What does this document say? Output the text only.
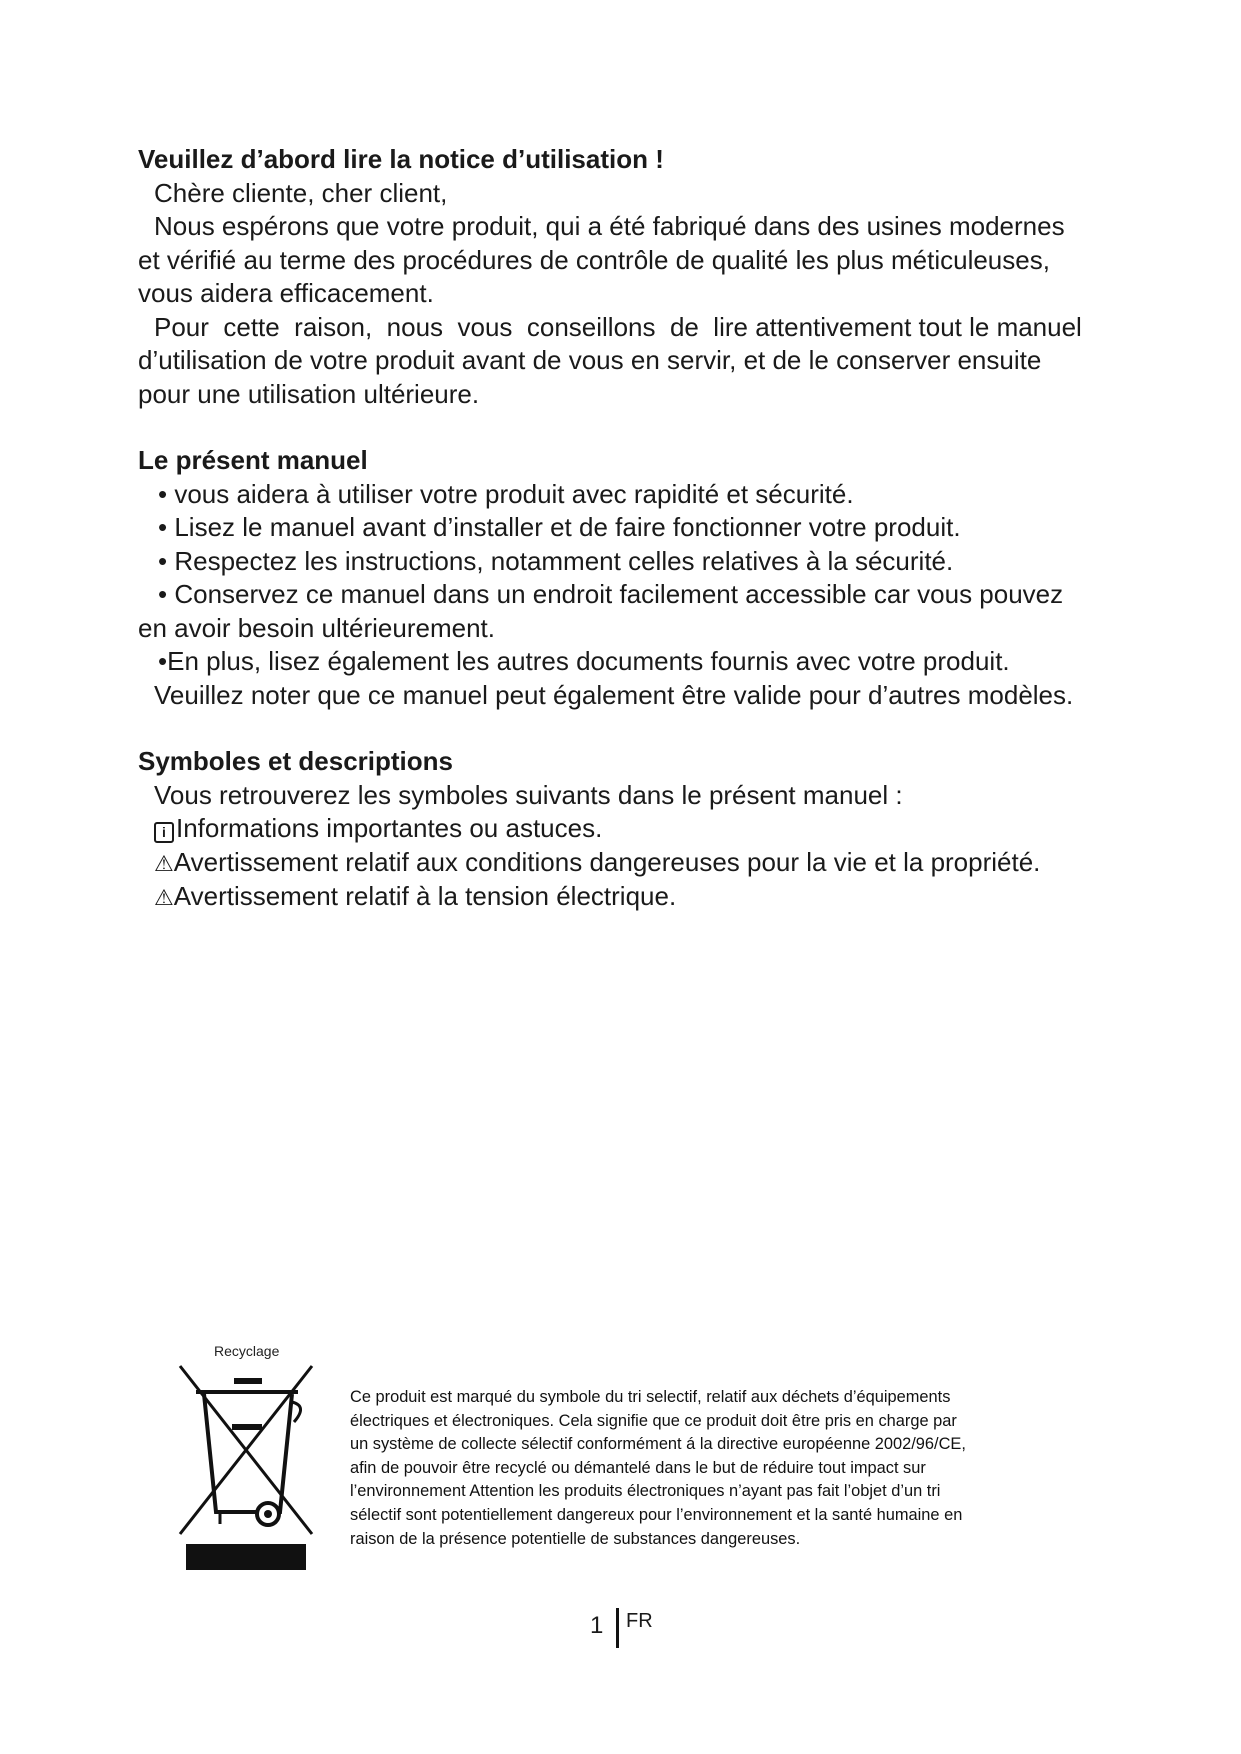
Veuillez d’abord lire la notice d’utilisation !

Chère cliente, cher client,

Nous espérons que votre produit, qui a été fabriqué dans des usines modernes

et vérifié au terme des procédures de contrôle de qualité les plus méticuleuses,

vous aidera efficacement.

Pour  cette  raison,  nous  vous  conseillons  de  lire attentivement tout le manuel

d’utilisation de votre produit avant de vous en servir, et de le conserver ensuite

pour une utilisation ultérieure.

Le présent manuel

• vous aidera à utiliser votre produit avec rapidité et sécurité.

• Lisez le manuel avant d’installer et de faire fonctionner votre produit.

• Respectez les instructions, notamment celles relatives à la sécurité.

• Conservez ce manuel dans un endroit facilement accessible car vous pouvez

en avoir besoin ultérieurement.

•En plus, lisez également les autres documents fournis avec votre produit.

Veuillez noter que ce manuel peut également être valide pour d’autres modèles.

Symboles et descriptions

Vous retrouverez les symboles suivants dans le présent manuel :

i Informations importantes ou astuces.

⚠Avertissement relatif aux conditions dangereuses pour la vie et la propriété.

⚠Avertissement relatif à la tension électrique.

Recyclage

Ce produit est marqué du symbole du tri selectif, relatif aux déchets d’équipements

électriques et électroniques. Cela signifie que ce produit doit être pris en charge par

un système de collecte sélectif conformément á la directive européenne 2002/96/CE,

afin de pouvoir être recyclé ou démantelé dans le but de réduire tout impact sur

l’environnement Attention les produits électroniques n’ayant pas fait l’objet d’un tri

sélectif sont potentiellement dangereux pour l’environnement et la santé humaine en

raison de la présence potentielle de substances dangereuses.

1 FR
